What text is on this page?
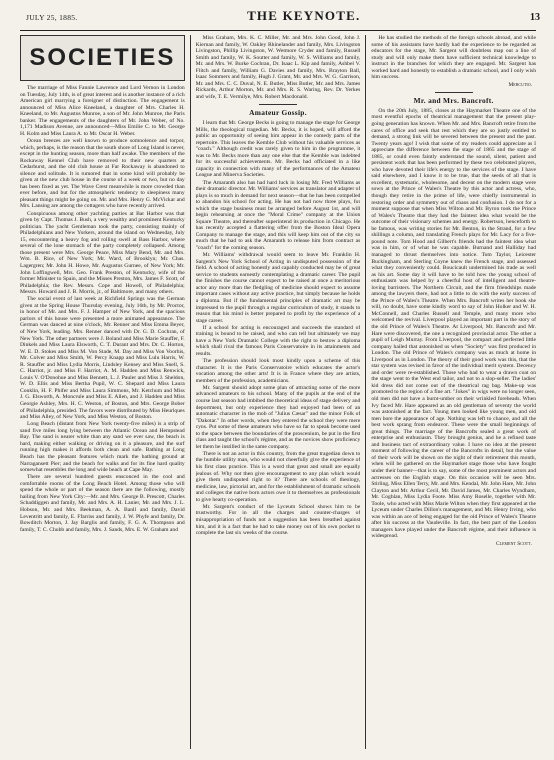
JULY 25, 1885.	THE KEYNOTE.	13
SOCIETIES

The marriage of Miss Fannie Lawrence and Lord Vernon in London on Tuesday, July 14th, is of great interest and is another instance of a rich American girl marrying a foreigner of distinction. The engagement is announced of Miss Alice Kneeland, a daughter of Mrs. Charles H. Kneeland, to Mr. Augustus Munroe, a son of Mr. John Munroe, the Paris banker. The engagements of the daughters of Mr. John Weber, of No. 1,171 Madison Avenue, are announced—Miss Emilie C. to Mr. George H. Kolm and Miss Laura A. to Mr. Oscar H. Weber.

Ocean breezes are well known to produce somnolence and torpor, which, perhaps, is the reason that the south shore of Long Island is never, except in the hunting season, more than half awake. The members of the Rockaway Kennel Club have removed to their new quarters at Cedarhurst, and the old club house at Far Rockaway is abandoned to silence and solitude. It is rumored that in some kind will probably be given at the new club house in the course of a week or two, but no day has been fixed as yet. The Wave Crest meanwhile is more crowded than ever before, and but for the atmospheric tendency to sleepiness many pleasant things might be going on. Mr. and Mrs. Henry G. McVickar and Mrs. Lansing are among the cottagers who have recently arrived.

Conspicuous among other yachting parties at Bar Harbor was that given by Capt. Thomas J. Bush, a very wealthy and prominent Kentucky politician. The yacht Gentleman took the party, consisting mainly of Philadelphians and New Yorkers, around the island on Wednesday, July 15, encountering a heavy fog and rolling swell at Bass Harbor, where several of the lone stomach of the party completely collapsed. Among those present were Mrs. George Peace, Miss Mary Bend, Mr. and Mrs. Wm. B. Rice, of New York; Mr. Ward, of Brooklyn; Mr. Chas. Lagergren; Mr. John H. Howe, Mr. Augustus Gurnee, of New York; Mr. John Loffingwell, Mrs. Geo. Frank Preston, of Kentucky, wife of the former Minister to Spain, and the Misses Preston, Mrs. James F. Scott, of Philadelphia; the Rev. Messrs. Cope and Howell, of Philadelphia; Messrs. Howard and J. B. Morris, jr., of Baltimore, and many others.

The social event of last week at Richfield Springs was the German given at the Spring House Thursday evening, July 16th, by Mr. Proctor, in honor of Mr. and Mrs. F. J. Hamper of New York, and the spacious parlors of this house were presented a more animated appearance. The German was danced at nine o'clock, Mr. Renner and Miss Emma Beyer, of New York, leading. Mrs. Renner danced with Dr. G. D. Cochran, of New York. The other partners were J. Boland and Miss Marie Stauffer, F. Dinkels and Miss Laura Elsworth, C. T. Durant and Mrs. Dr. C. Horton, W. E. D. Stokes and Miss M. Von Stade, M. Day and Miss Von Voorhis, Mr. Colver and Miss Smith, W. Percy Knapp and Miss Lulu Harris, W. R. Stauffer and Miss Lydia Morris, Lindsley Kensey and Miss Snell, S. C. Harriot, jr. and Miss F. Harriot, A. M. Hadden and Miss Renwick, Louis V. O'Donohue and Miss Bennett, L. J. Pauler and Miss J. Sheldon, W. D. Ellis and Miss Bertha Pupil, W. C. Shepard and Miss Laura Conklin, H. F. Phifer and Miss Laura Simmons, Mr. Ketchum and Miss J. G. Elsworth, A. Moncrule and Miss E. Allen, and J. Hadden and Miss Georgie Ashley, Mrs. H. C. Weston, of Boston, and Mrs. George Bober of Philadelphia, presided. The favors were distributed by Miss Heurlques and Miss Alley, of New York, and Miss Weston, of Boston.

Long Beach (distant from New York twenty-five miles) is a strip of sand five miles long lying between the Atlantic Ocean and Hempstead Bay. The sand is nearer white than any sand we ever saw, the beach is hard, making either walking or driving on it a pleasure, and the surf running high makes it affords both clean and safe. Bathing at Long Beach has the pleasant features which mark the bathing ground at Narragansett Pier; and the beach for walks and for its fine hard quality somewhat resembles the long and wide beach at Cape May.

There are several hundred guests ensconced in the cool and comfortable rooms of the Long Beach Hotel. Among those who will spend the whole or part of the season there are the following, mostly hailing from New York City:—Mr. and Mrs. George B. Prescott, Charles Schaddiggen and family, Mr. and Mrs. A. H. Lanier, Mr. and Mrs. J. L. Hobson, Mr. and Mrs. Beekman, A. A. Banll and family, David Leventritt and family, E. Ffarriss and family, J. W. Phyfe and family, Dr. Bowditch Morton, J. Jay Barglis and family, F. G. A. Thompson and family, T. C. Chubb and family, Mrs. J. Sands, Mrs. E. W. Graham and

Miss Graham, Mrs. K. C. Miller, Mr. and Mrs. John Good, John J. Kiernan and family, W. Oakley Rhinelander and family, Mrs. Livingston Livingston, Phillip Livingston, W. Wetmore Cryder and family, Russell Smith and family, W. K. Soutter and family, W. S. Williams and family, Mr. and Mrs. W. Burke Cochran, Dr. Isaac L. Kip and family, Ashbel V. Flitch and family, William G. Davies and family, Mrs. Brayton Ball, Isaac Sommers and family, Hugh J. Grant, Mr. and Mrs. W. G. Garrison, Mr. and Mrs. C. C. Duval, N. E. Butler, Miss Butler, Mr. and Mrs. James Rickards, Arthur Morton, Mr. and Mrs. R. S. Waring, Rev. Dr. Yerkes and wife, T. E. Vermilye, Mrs. Robert Macdonald.

Amateur Gossip.

I learn that Mr. George Becks is going to manage the stage for George Mills, the theological tragedian. Mr. Becks, it is hoped, will afford the public an opportunity of seeing him appear in the comedy parts of the repertoire. This leaves the Kemble Club without his valuable services as "coach." Although credit was rarely given to him in the programme, it was to Mr. Becks more than any one else that the Kemble was indebted for its successful achievements. Mr. Becks had officiated in a like capacity in connection with many of the performances of the Amateur League and Minerva Societies.

The Amaranth also has had hard luck in losing Mr. Fred Williams as their dramatic director. Mr. Williams' services as translator and adapter of plays is so much in demand for next season—that he has been compelled to abandon his school for acting. He has not had now three plays, for which the stage business must be arranged before August 1st, and will begin rehearsing at once the "Moral Crime" company at the Union Square Theatre, and thereafter superintend its production in Chicago. He has recently accepted a flattering offer from the Boston Ideal Opera Company to manage the stage, and this will keep him out of the city so much that he had to ask the Amaranth to release him from contract as "coach" for the coming season.

Mr. Williams' withdrawal would seem to leave Mr. Franklin H. Sargent's New York School of Acting in undisputed possession of the field. A school of acting honestly and capably conducted may be of great service to students earnestly contemplating a dramatic career. The pupil the finishes the course cannot expect to be raised at once a meritorious actor any more than the fledgling of medicine should expect to assume important cases without any active practice, but simply because he holds a diploma. But if the fundamental principles of dramatic art may be impressed to the pupil through a regular curriculum of study, it stands to reason that his mind is better prepared to profit by the experience of a stage career.

If a school for acting is encouraged and succeeds the standard of training is bound to be raised, and who can tell but ultimately we may have a New York Dramatic College with the right to bestow a diploma which shall rival the famous Paris Conservatoire in its attainments and results.

The profession should look most kindly upon a scheme of this character. It is the Paris Conservatoire which educates the actor's vocation among the other arts! It is in France where they are artists, members of the profession, academicians.

Mr. Sargent should adopt some plan of attracting some of the more advanced amateurs to his school. Many of the pupils at the end of the course last season had imbibed the theoretical ideas of stage delivery and deportment, but only experience they had enjoyed had been of an automatic character in the mob of "Julius Cæsar" and the minor Folk of "Dakotar." In other words, when they entered the school they were mere cyns. Put some of these amateurs who have so far to speak become used to the space between the boundaries of the proscenium, be put in the first class and taught the school's régime, and as the novices show proficiency let them be instilled in the same company.

There is not an actor in this country, from the great tragedian down to the humble utility man, who would not cheerfully give the experience of his first class practice. This is a word that great and small are equally jealous of. Why not then give encouragement to any plan which would give them undisputed right to it? There are schools of theology, medicine, law, pictorial art, and for the establishment of dramatic schools and colleges the native born actors owe it to themselves as professionals to give hearty co-operation.

Mr. Sargent's conduct of the Lyceum School shows him to be trustworthy. For in all the charges and counter-charges of misappropriation of funds not a suggestion has been breathed against him, and it is a fact that he had to take money out of his own pocket to complete the last six weeks of the course.

He has studied the methods of the foreign schools abroad, and while some of his assistants have hardly had the experience to be regarded as educators for the stage, Mr. Sargent will doubtless map out a line of study and will only make them have sufficient technical knowledge to instruct in the branches for which they are engaged. Mr. Sargent has worked hard and honestly to establish a dramatic school, and I only wish him success.

Mercutio.

Mr. and Mrs. Bancroft.

On the 20th July, 1885, closes at the Haymarket Theatre one of the most eventful epochs of theatrical management that the present play-going generation has known. When Mr. and Mrs. Bancroft retire from the cares of office and seek that rest which they are so justly entitled to demand, a strong link will be severed between the present and the past. Twenty years ago! I wish that some of my readers could appreciate as I appreciate the difference between the stage of 1865 and the stage of 1885, or could even faintly understand the sound, silent, patient and persistent work that has been performed by these two celebrated players, who have devoted their life's energy to the services of the stage. I have said elsewhere, and I know it to be true, that the seeds of all that is excellent, systematic, wholesome, and decent on the modern stage were sown at the Prince of Wales's Theatre by this actor and actress, who, though they retire in the prime of life, were chiefly instrumental in restoring order and symmetry out of chaos and confusion. I do not for a moment suppose that when Miss Wilton and Mr. Byron took the Prince of Wales's Theatre that they had the faintest idea what would be the outcome of their visionary schemes and energy. Robertson, henceforth to be famous, was writing stories for Mr. Benton, in the Strand, for a few shillings a column, and translating French plays for Mr. Lacy for a five-pound note. Tom Hood and Gilbert's friends had the faintest idea what was in him, or of what he was capable. Burnand and Halliday had managed to thrust themselves into notice. Tom Taylor, Leicester Buckingham, and Sterling Coyne knew the French stage, and assessed what they conveniently could. Boucicault undermined his trade as well as his art. Some day it will have to be told how the young school of enthusiasm was helped by a cheerful host of intelligent and theatre-loving barristers. The Northern Circuit, and the firm friendships made among the lawyers there, had not a little to do with the early success of the Prince of Wales's Theatre. When Mrs. Bancroft writes her book she will, no doubt, have some kindly word to say of John Holker and W. H. McConnell, and Charles Russell and Temple, and many more who welcomed the revival. Liverpool played an important part in the story of the old Prince of Wales's Theatre. At Liverpool, Mr. Bancroft and Mr. Hare were discovered, the one a recognized provincial actor. The other a pupil of Leigh Murray. From Liverpool, the compact and perfected little company hailed that astonished us when "Society" was first produced in London. The old Prince of Wales's company was as much at home in Liverpool as in London. The theory of their good work was this, that the star system was revised in favor of the individual merit system. Decency and order were re-established. Those who had to wear a drawn coat on the stage went to the West end tailor, and not to a slop-seller. The ladies' kid dress did not come out of the theatrical rag bag. Make-up was promoted to the region of a fine art. "Jokes" in wigs were no longer seen, old men did not have a burnt-umber on their wrinkled foreheads. When Ivy faced Mr. Hare appeared as an old gentleman of seventy the world was astonished at the fact. Young men looked like young men, and old men bore the appearance of age. Nothing was left to chance, and all the best work sprang from endeavor. These were the small beginnings of great things. The marriage of the Bancrofts sealed a great work of enterprise and enthusiasm. They brought genius, and he a refined taste and business tact of extraordinary value. I have no idea at the present moment of following the career of the Bancrofts in detail, but the value of their work will be shown on the night of their retirement this month, when will be gathered on the Haymarket stage those who have fought under their banner—that is to say, some of the most prominent actors and actresses on the English stage. On this occasion will be seen Mrs. Stirling, Miss Ellen Terry, Mr. and Mrs. Kendal, Mr. John Hare, Mr. John Clayton and Mr. Arthur Cecil, Mr. David James, Mr. Charles Wyndham, Mr. Coghlan, Miss Lydia Foote. Miss Amy Roselle, together with Mr. Toole, who acted with Miss Marie Wilton when they first appeared at the Lyceum under Charles Dillon's management, and Mr. Henry Irving, who was within an ace of being engaged for the old Prince of Wales's Theatre after his success at the Vaudeville. In fact, the best part of the London managers have played under the Bancroft régime, and their influence is widespread.

Clement Scott.
